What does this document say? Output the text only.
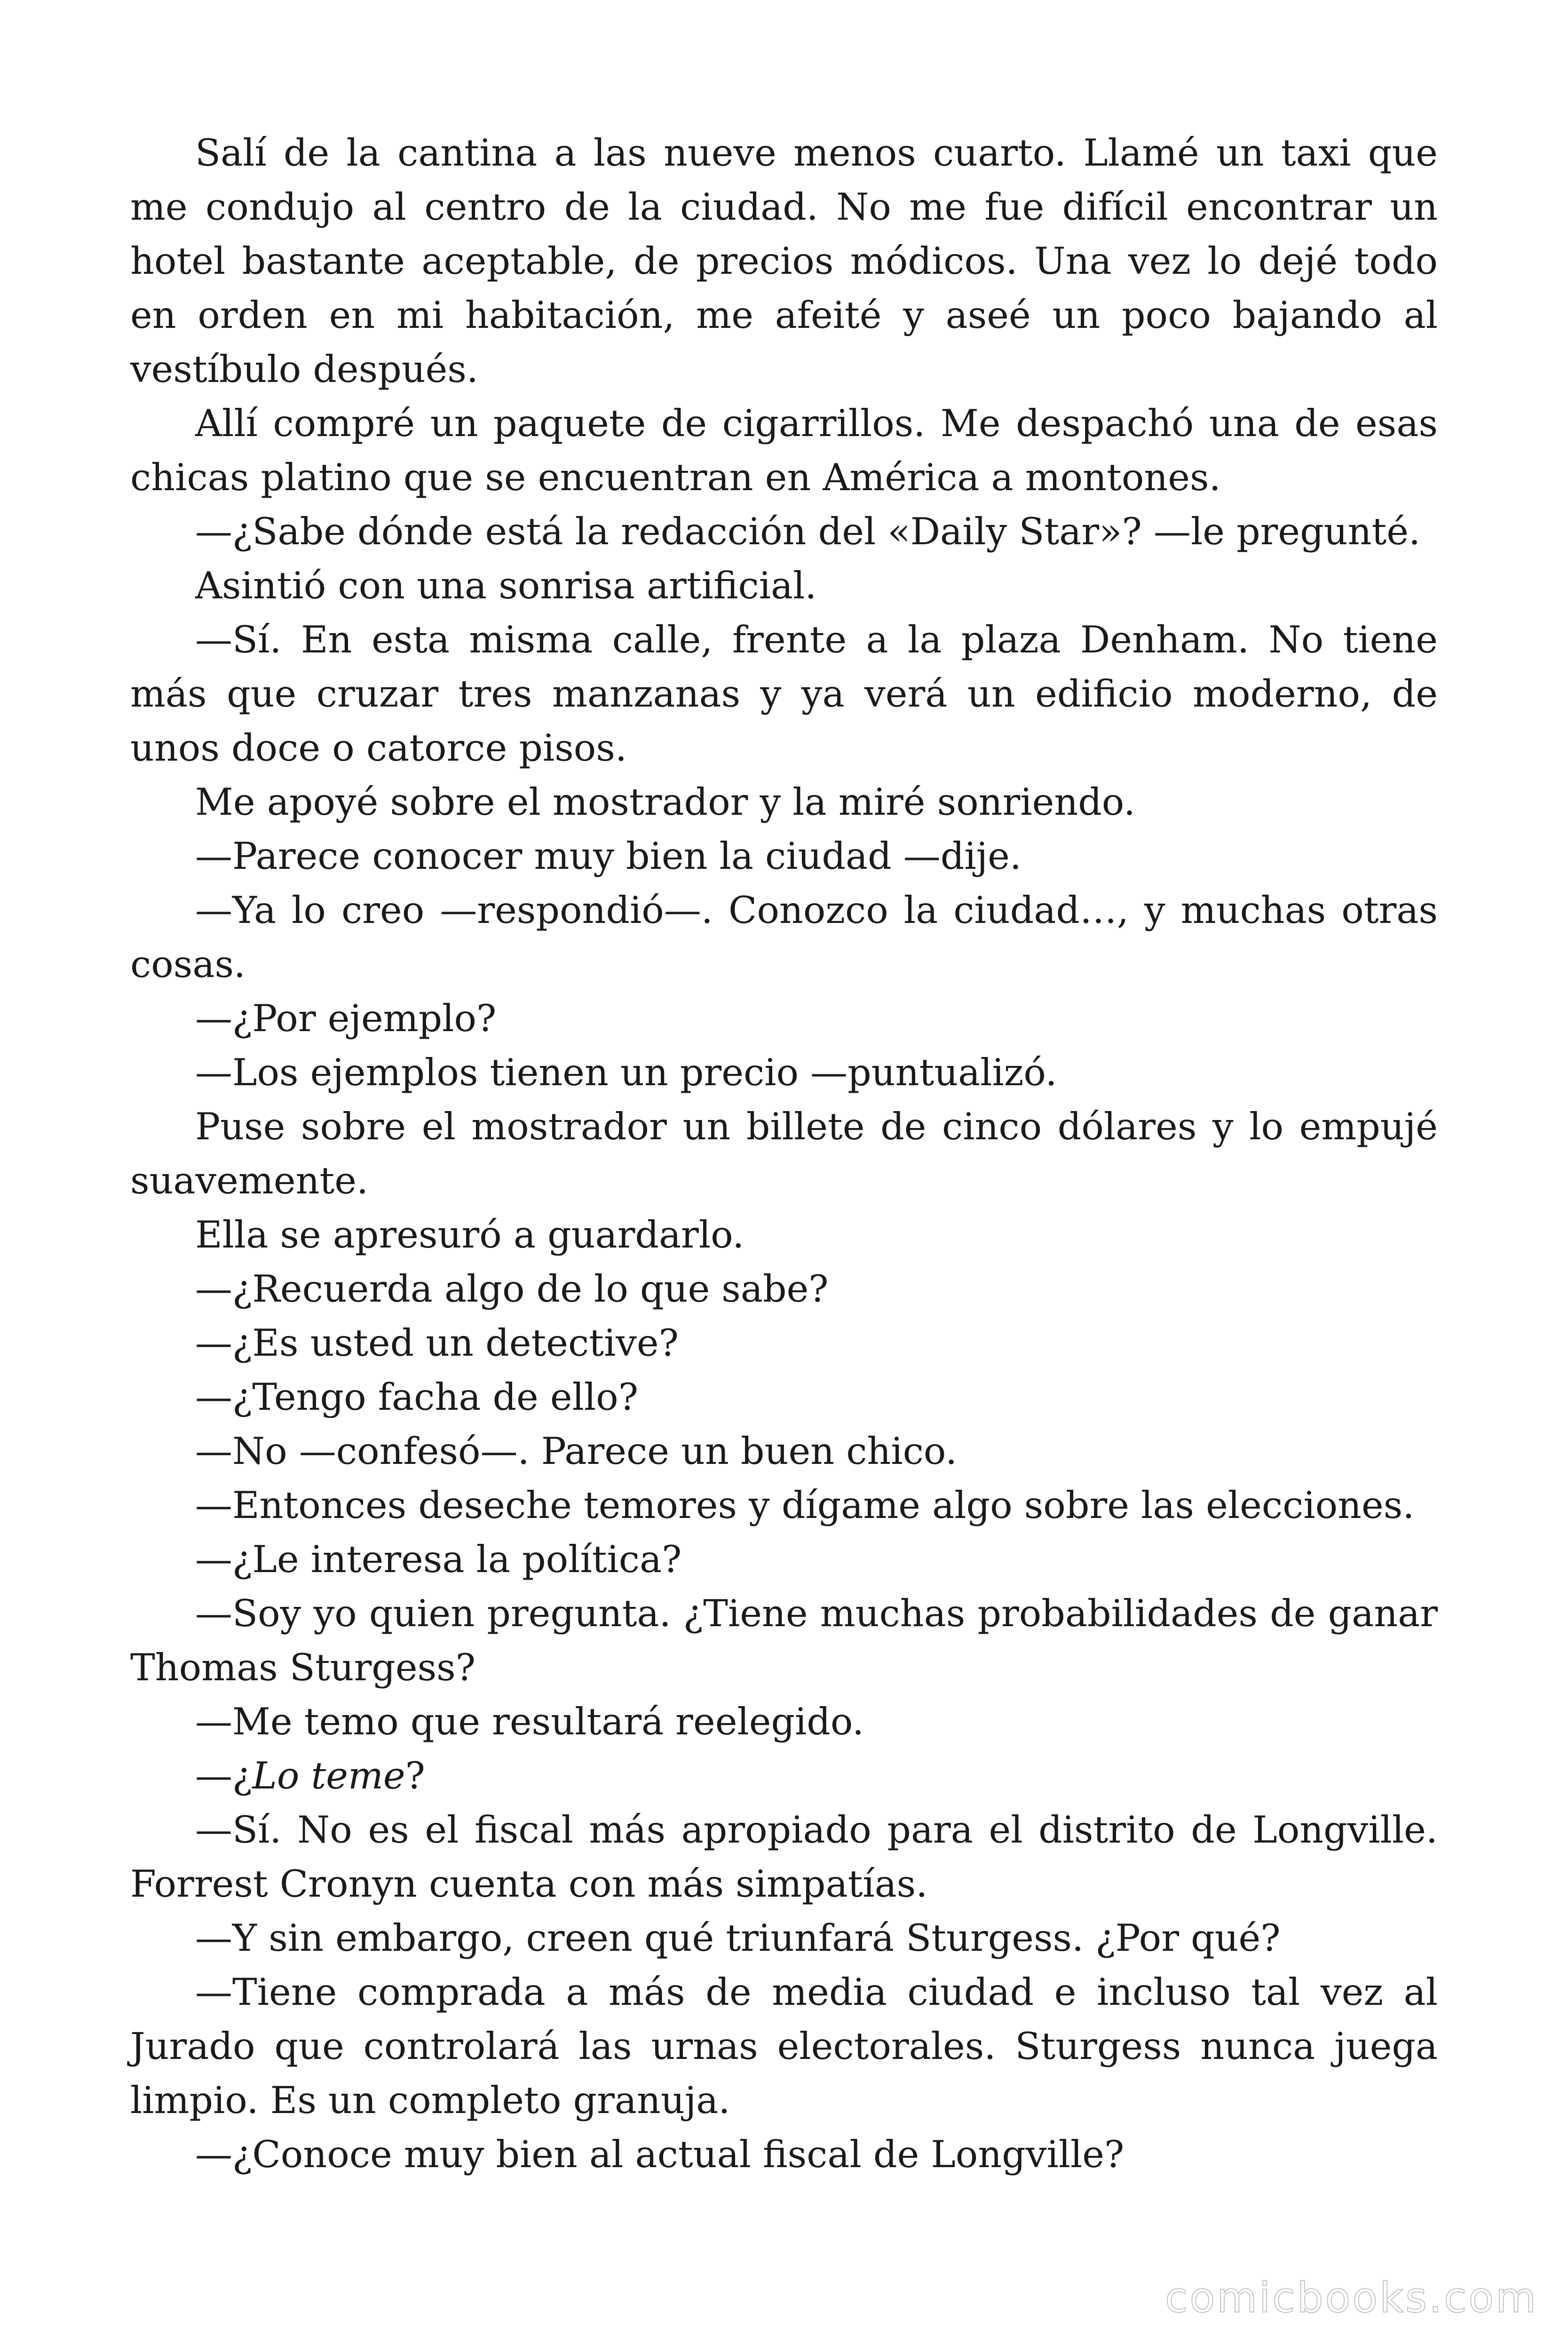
Salí de la cantina a las nueve menos cuarto. Llamé un taxi que me condujo al centro de la ciudad. No me fue difícil encontrar un hotel bastante aceptable, de precios módicos. Una vez lo dejé todo en orden en mi habitación, me afeité y aseé un poco bajando al vestíbulo después.

Allí compré un paquete de cigarrillos. Me despachó una de esas chicas platino que se encuentran en América a montones.

—¿Sabe dónde está la redacción del «Daily Star»? —le pregunté.

Asintió con una sonrisa artificial.

—Sí. En esta misma calle, frente a la plaza Denham. No tiene más que cruzar tres manzanas y ya verá un edificio moderno, de unos doce o catorce pisos.

Me apoyé sobre el mostrador y la miré sonriendo.

—Parece conocer muy bien la ciudad —dije.

—Ya lo creo —respondió—. Conozco la ciudad…, y muchas otras cosas.

—¿Por ejemplo?

—Los ejemplos tienen un precio —puntualizó.

Puse sobre el mostrador un billete de cinco dólares y lo empujé suavemente.

Ella se apresuró a guardarlo.

—¿Recuerda algo de lo que sabe?

—¿Es usted un detective?

—¿Tengo facha de ello?

—No —confesó—. Parece un buen chico.

—Entonces deseche temores y dígame algo sobre las elecciones.

—¿Le interesa la política?

—Soy yo quien pregunta. ¿Tiene muchas probabilidades de ganar Thomas Sturgess?

—Me temo que resultará reelegido.

—¿Lo teme?

—Sí. No es el fiscal más apropiado para el distrito de Longville. Forrest Cronyn cuenta con más simpatías.

—Y sin embargo, creen qué triunfará Sturgess. ¿Por qué?

—Tiene comprada a más de media ciudad e incluso tal vez al Jurado que controlará las urnas electorales. Sturgess nunca juega limpio. Es un completo granuja.

—¿Conoce muy bien al actual fiscal de Longville?

comicbooks.com
